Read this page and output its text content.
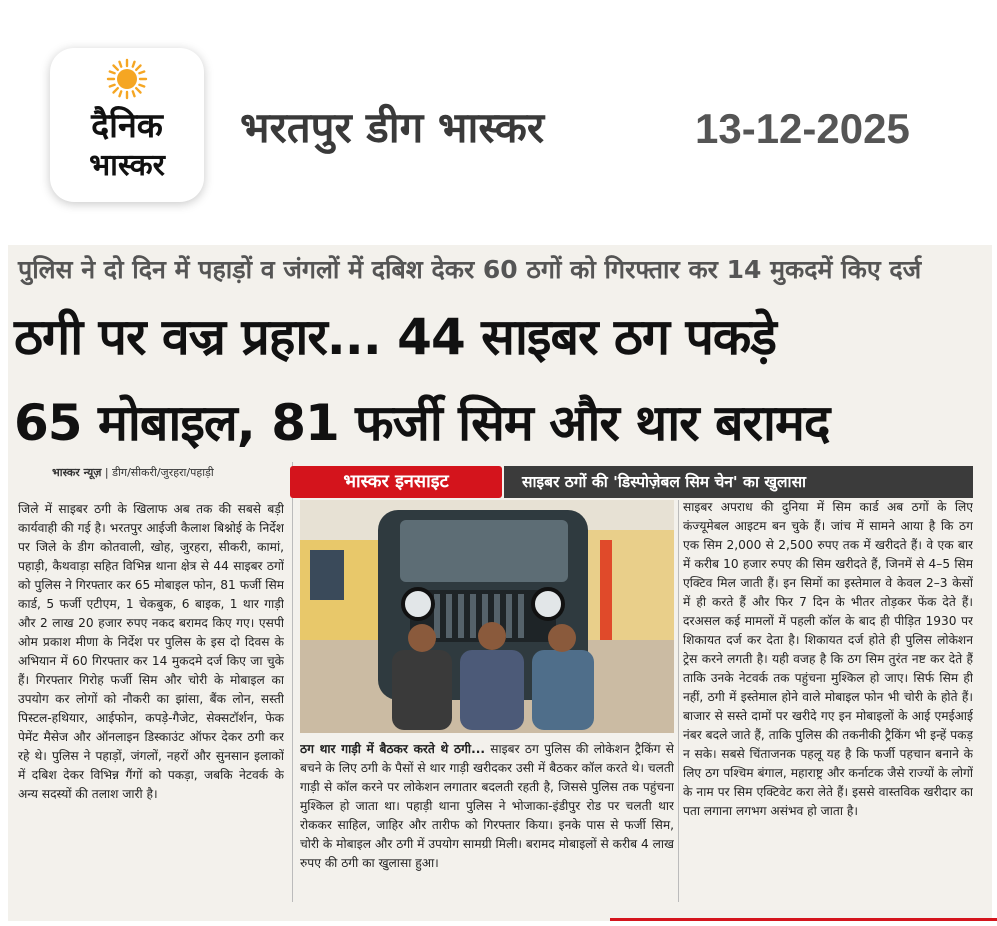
दैनिक
भास्कर
भरतपुर डीग भास्कर	13-12-2025
पुलिस ने दो दिन में पहाड़ों व जंगलों में दबिश देकर 60 ठगों को गिरफ्तार कर 14 मुकदमें किए दर्ज
ठगी पर वज्र प्रहार... 44 साइबर ठग पकड़े
65 मोबाइल, 81 फर्जी सिम और थार बरामद
भास्कर न्यूज़ | डीग/सीकरी/जुरहरा/पहाड़ी
जिले में साइबर ठगी के खिलाफ अब तक की सबसे बड़ी कार्यवाही की गई है। भरतपुर आईजी कैलाश बिश्नोई के निर्देश पर जिले के डीग कोतवाली, खोह, जुरहरा, सीकरी, कामां, पहाड़ी, कैथवाड़ा सहित विभिन्न थाना क्षेत्र से 44 साइबर ठगों को पुलिस ने गिरफ्तार कर 65 मोबाइल फोन, 81 फर्जी सिम कार्ड, 5 फर्जी एटीएम, 1 चेकबुक, 6 बाइक, 1 थार गाड़ी और 2 लाख 20 हजार रुपए नकद बरामद किए गए। एसपी ओम प्रकाश मीणा के निर्देश पर पुलिस के इस दो दिवस के अभियान में 60 गिरफ्तार कर 14 मुकदमे दर्ज किए जा चुके हैं। गिरफ्तार गिरोह फर्जी सिम और चोरी के मोबाइल का उपयोग कर लोगों को नौकरी का झांसा, बैंक लोन, सस्ती पिस्टल-हथियार, आईफोन, कपड़े-गैजेट, सेक्सटॉर्शन, फेक पेमेंट मैसेज और ऑनलाइन डिस्काउंट ऑफर देकर ठगी कर रहे थे। पुलिस ने पहाड़ों, जंगलों, नहरों और सुनसान इलाकों में दबिश देकर विभिन्न गैंगों को पकड़ा, जबकि नेटवर्क के अन्य सदस्यों की तलाश जारी है।
भास्कर इनसाइट	साइबर ठगों की 'डिस्पोज़ेबल सिम चेन' का खुलासा
ठग थार गाड़ी में बैठकर करते थे ठगी... साइबर ठग पुलिस की लोकेशन ट्रैकिंग से बचने के लिए ठगी के पैसों से थार गाड़ी खरीदकर उसी में बैठकर कॉल करते थे। चलती गाड़ी से कॉल करने पर लोकेशन लगातार बदलती रहती है, जिससे पुलिस तक पहुंचना मुश्किल हो जाता था। पहाड़ी थाना पुलिस ने भोजाका-इंडीपुर रोड पर चलती थार रोककर साहिल, जाहिर और तारीफ को गिरफ्तार किया। इनके पास से फर्जी सिम, चोरी के मोबाइल और ठगी में उपयोग सामग्री मिली। बरामद मोबाइलों से करीब 4 लाख रुपए की ठगी का खुलासा हुआ।
साइबर अपराध की दुनिया में सिम कार्ड अब ठगों के लिए कंज्यूमेबल आइटम बन चुके हैं। जांच में सामने आया है कि ठग एक सिम 2,000 से 2,500 रुपए तक में खरीदते हैं। वे एक बार में करीब 10 हजार रुपए की सिम खरीदते हैं, जिनमें से 4–5 सिम एक्टिव मिल जाती हैं। इन सिमों का इस्तेमाल वे केवल 2–3 केसों में ही करते हैं और फिर 7 दिन के भीतर तोड़कर फेंक देते हैं। दरअसल कई मामलों में पहली कॉल के बाद ही पीड़ित 1930 पर शिकायत दर्ज कर देता है। शिकायत दर्ज होते ही पुलिस लोकेशन ट्रेस करने लगती है। यही वजह है कि ठग सिम तुरंत नष्ट कर देते हैं ताकि उनके नेटवर्क तक पहुंचना मुश्किल हो जाए। सिर्फ सिम ही नहीं, ठगी में इस्तेमाल होने वाले मोबाइल फोन भी चोरी के होते हैं। बाजार से सस्ते दामों पर खरीदे गए इन मोबाइलों के आई एमईआई नंबर बदले जाते हैं, ताकि पुलिस की तकनीकी ट्रैकिंग भी इन्हें पकड़ न सके। सबसे चिंताजनक पहलू यह है कि फर्जी पहचान बनाने के लिए ठग पश्चिम बंगाल, महाराष्ट्र और कर्नाटक जैसे राज्यों के लोगों के नाम पर सिम एक्टिवेट करा लेते हैं। इससे वास्तविक खरीदार का पता लगाना लगभग असंभव हो जाता है।
